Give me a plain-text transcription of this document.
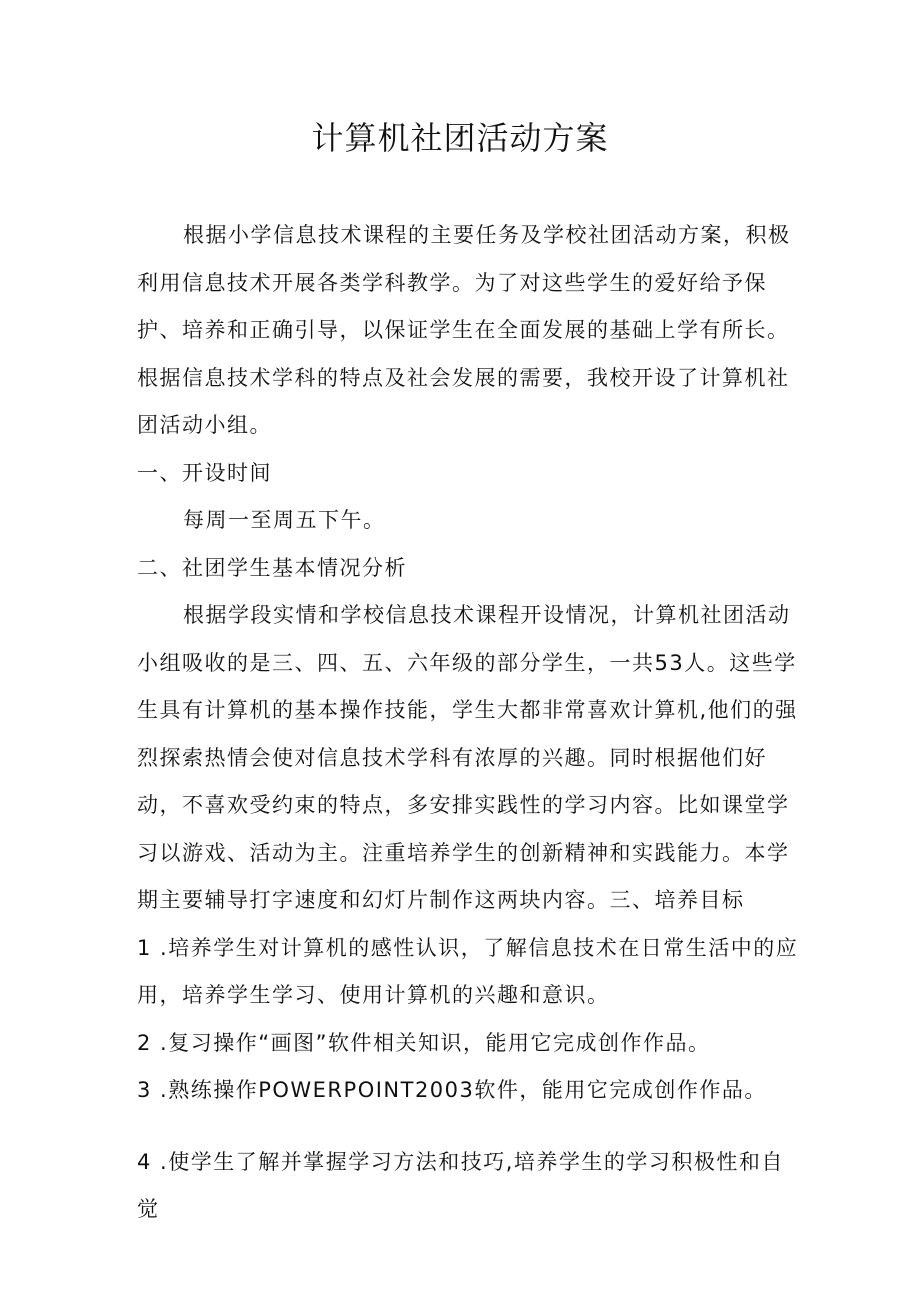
计算机社团活动方案

根据小学信息技术课程的主要任务及学校社团活动方案，积极利用信息技术开展各类学科教学。为了对这些学生的爱好给予保护、培养和正确引导，以保证学生在全面发展的基础上学有所长。根据信息技术学科的特点及社会发展的需要，我校开设了计算机社团活动小组。

一、开设时间

每周一至周五下午。

二、社团学生基本情况分析

根据学段实情和学校信息技术课程开设情况，计算机社团活动小组吸收的是三、四、五、六年级的部分学生，一共53人。这些学生具有计算机的基本操作技能，学生大都非常喜欢计算机,他们的强烈探索热情会使对信息技术学科有浓厚的兴趣。同时根据他们好动，不喜欢受约束的特点，多安排实践性的学习内容。比如课堂学习以游戏、活动为主。注重培养学生的创新精神和实践能力。本学期主要辅导打字速度和幻灯片制作这两块内容。三、培养目标

1 .培养学生对计算机的感性认识，了解信息技术在日常生活中的应用，培养学生学习、使用计算机的兴趣和意识。

2 .复习操作“画图”软件相关知识，能用它完成创作作品。

3 .熟练操作POWERPOINT2003软件，能用它完成创作作品。

4 .使学生了解并掌握学习方法和技巧,培养学生的学习积极性和自觉
